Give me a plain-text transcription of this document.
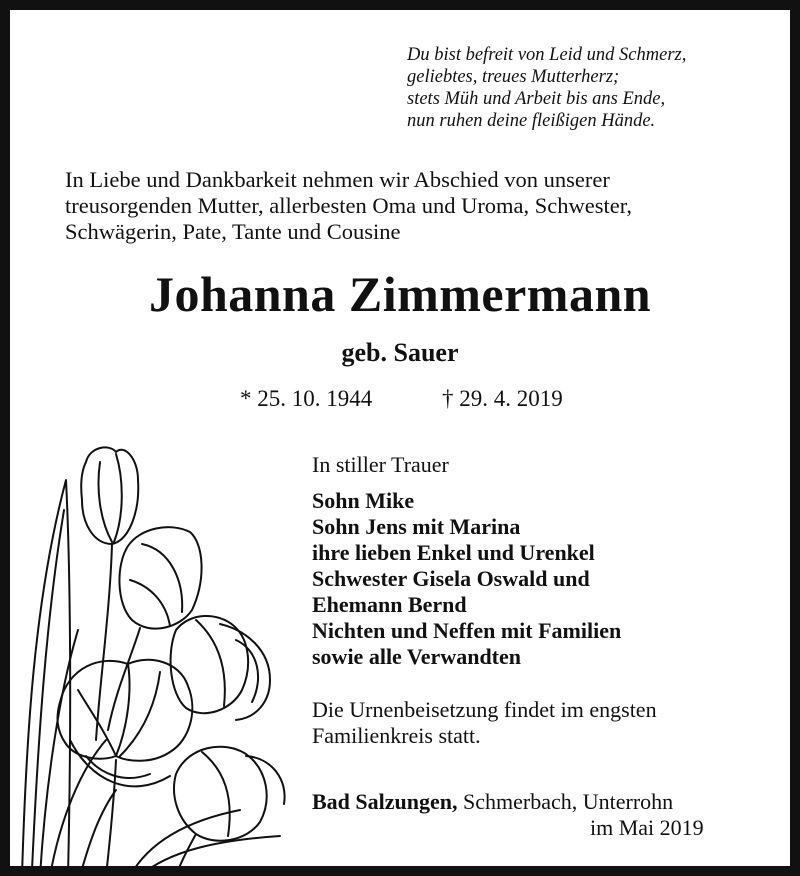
Du bist befreit von Leid und Schmerz,
geliebtes, treues Mutterherz;
stets Müh und Arbeit bis ans Ende,
nun ruhen deine fleißigen Hände.
In Liebe und Dankbarkeit nehmen wir Abschied von unserer
treusorgenden Mutter, allerbesten Oma und Uroma, Schwester,
Schwägerin, Pate, Tante und Cousine
Johanna Zimmermann
geb. Sauer
* 25. 10. 1944	† 29. 4. 2019
In stiller Trauer
Sohn Mike
Sohn Jens mit Marina
ihre lieben Enkel und Urenkel
Schwester Gisela Oswald und
Ehemann Bernd
Nichten und Neffen mit Familien
sowie alle Verwandten
Die Urnenbeisetzung findet im engsten
Familienkreis statt.
Bad Salzungen, Schmerbach, Unterrohn
im Mai 2019
